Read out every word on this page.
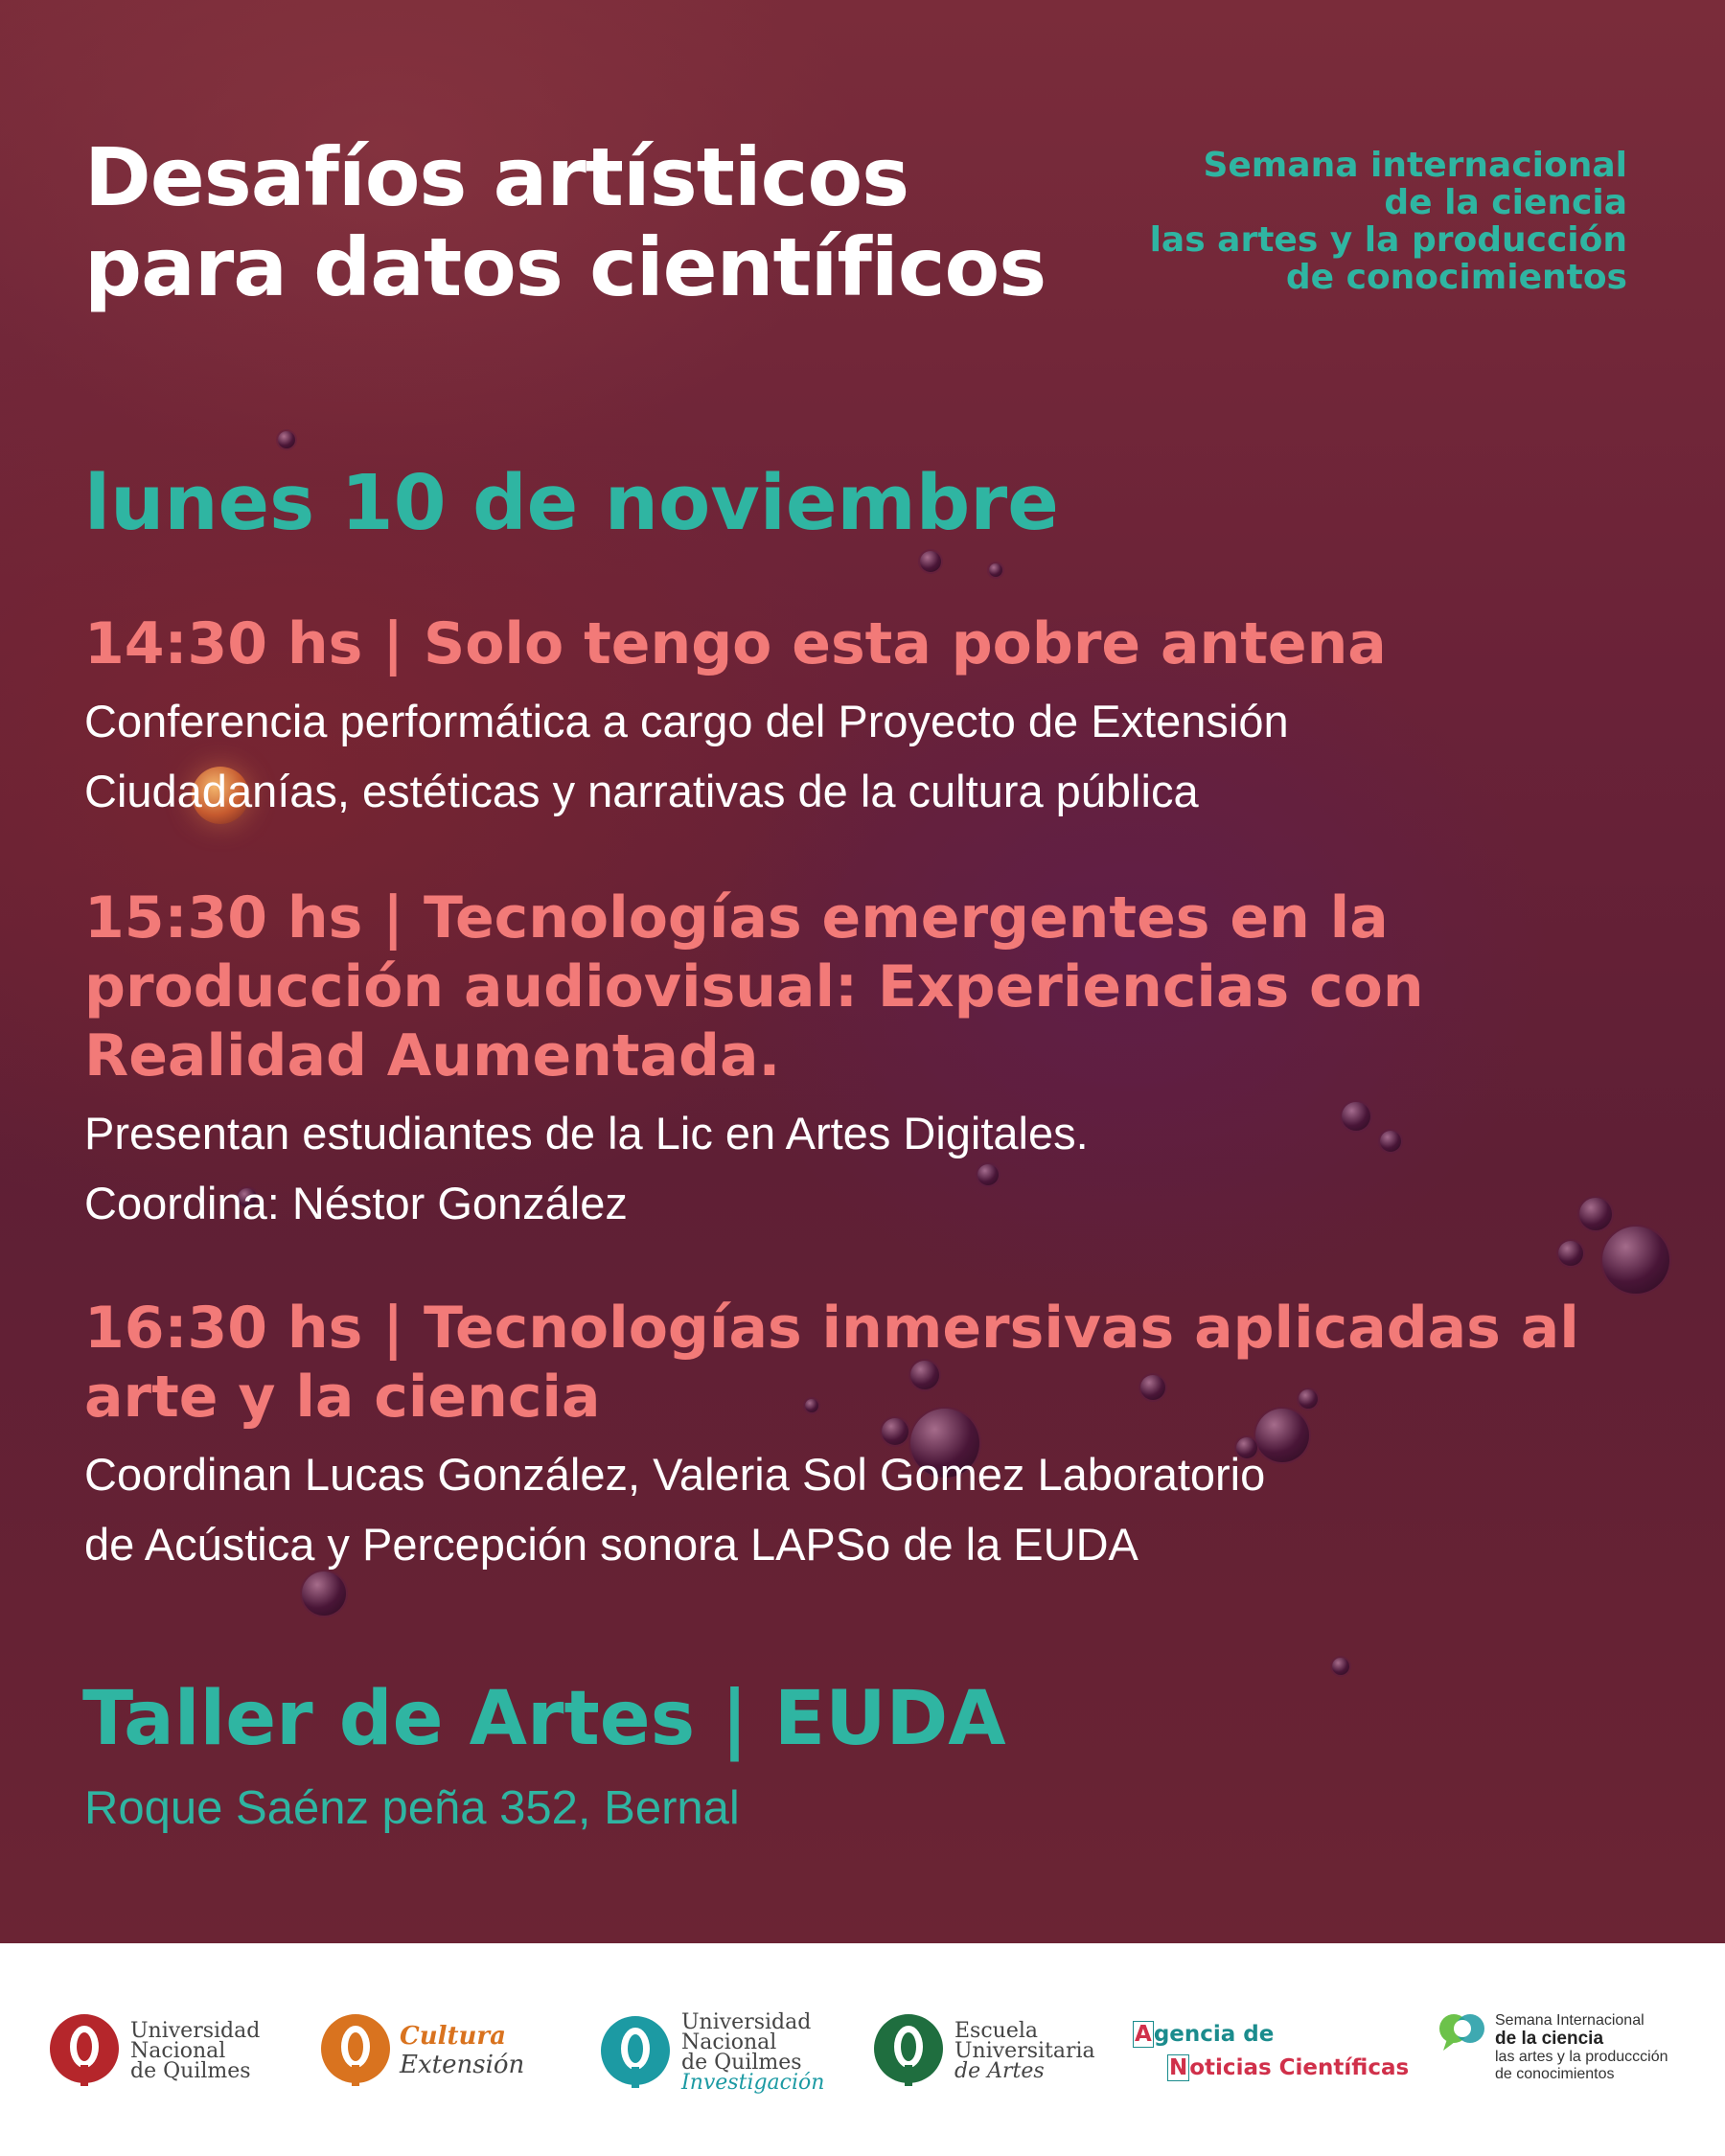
Desafíos artísticos
para datos científicos
Semana internacional
de la ciencia
las artes y la producción
de conocimientos
lunes 10 de noviembre
14:30 hs | Solo tengo esta pobre antena
Conferencia performática a cargo del Proyecto de Extensión
Ciudadanías, estéticas y narrativas de la cultura pública
15:30 hs | Tecnologías emergentes en la
producción audiovisual: Experiencias con
Realidad Aumentada.
Presentan estudiantes de la Lic en Artes Digitales.
Coordina: Néstor González
16:30 hs | Tecnologías inmersivas aplicadas al
arte y la ciencia
Coordinan Lucas González, Valeria Sol Gomez Laboratorio
de Acústica y Percepción sonora LAPSo de la EUDA
Taller de Artes | EUDA

Roque Saénz peña 352, Bernal

Universidad
Nacional
de Quilmes
Cultura
Extensión
Universidad
Nacional
de Quilmes
Investigación
Escuela
Universitaria
de Artes
Agencia de
Noticias Científicas
Semana Internacional
de la ciencia
las artes y la produccción
de conocimientos
